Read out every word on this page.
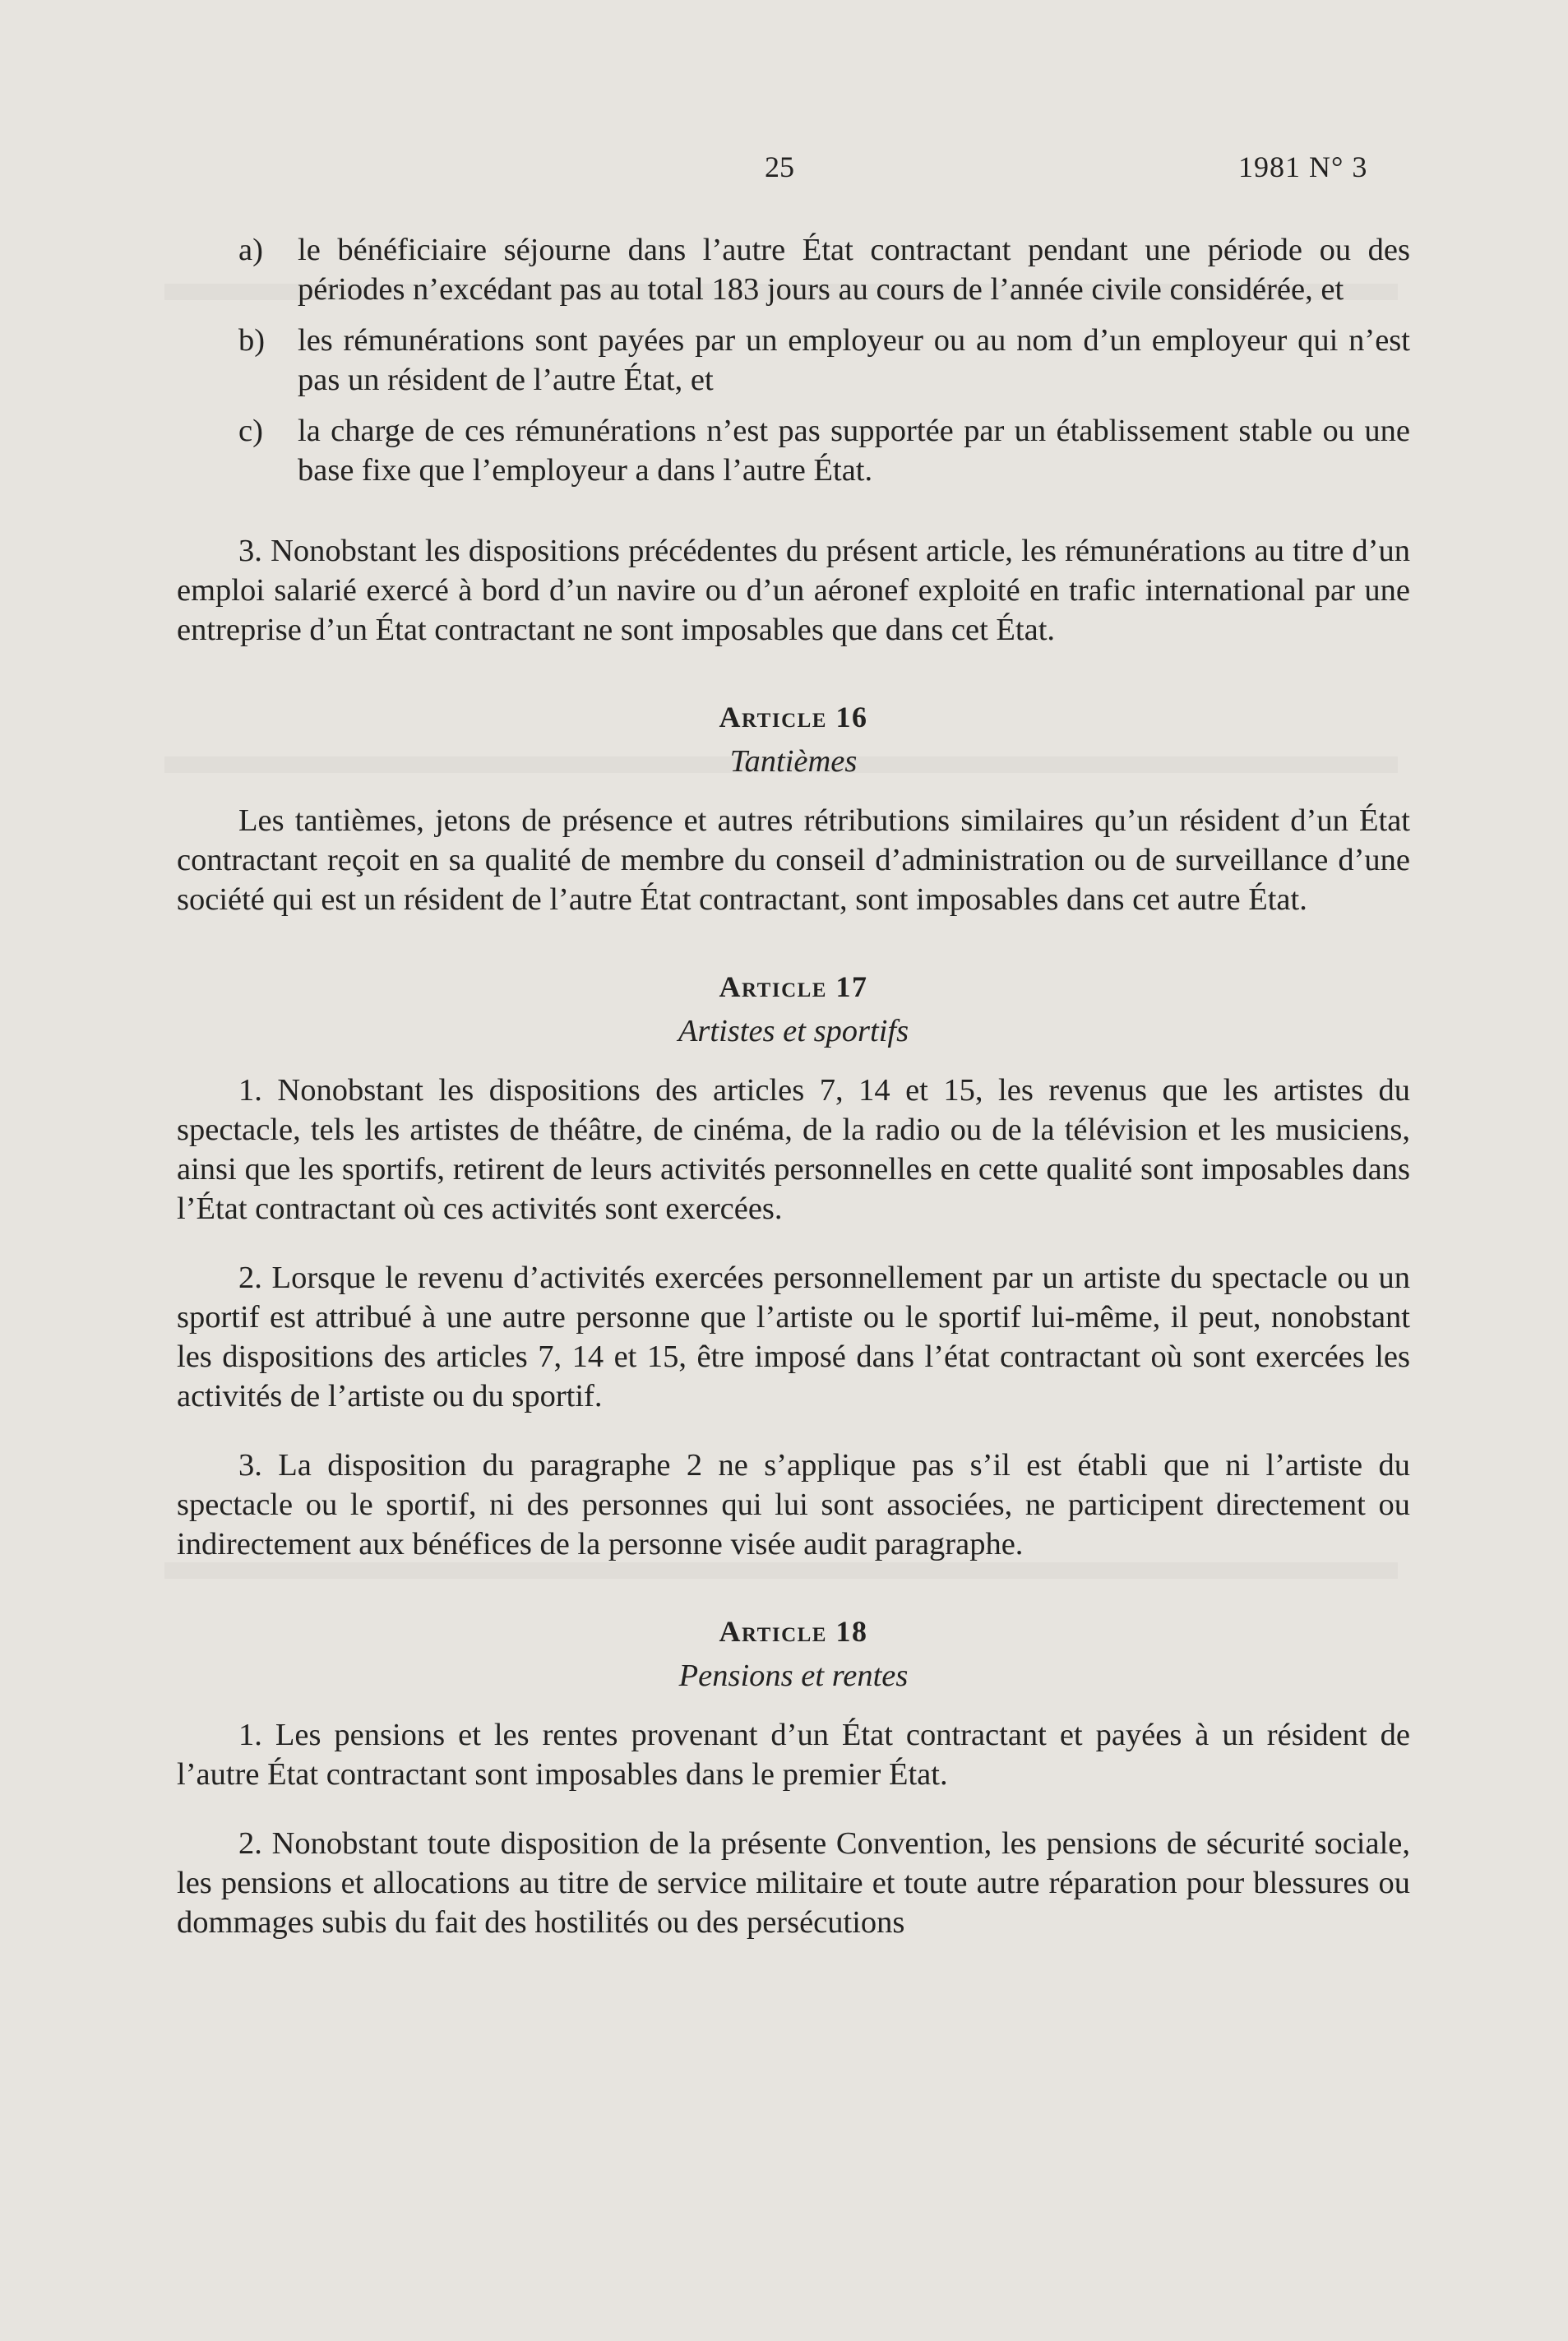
25	1981 N° 3
a)	le bénéficiaire séjourne dans l’autre État contractant pendant une période ou des périodes n’excédant pas au total 183 jours au cours de l’année civile considérée, et
b)	les rémunérations sont payées par un employeur ou au nom d’un employeur qui n’est pas un résident de l’autre État, et
c)	la charge de ces rémunérations n’est pas supportée par un établissement stable ou une base fixe que l’employeur a dans l’autre État.

3. Nonobstant les dispositions précédentes du présent article, les rémunérations au titre d’un emploi salarié exercé à bord d’un navire ou d’un aéronef exploité en trafic international par une entreprise d’un État contractant ne sont imposables que dans cet État.

Article 16
Tantièmes

Les tantièmes, jetons de présence et autres rétributions similaires qu’un résident d’un État contractant reçoit en sa qualité de membre du conseil d’administration ou de surveillance d’une société qui est un résident de l’autre État contractant, sont imposables dans cet autre État.

Article 17
Artistes et sportifs

1. Nonobstant les dispositions des articles 7, 14 et 15, les revenus que les artistes du spectacle, tels les artistes de théâtre, de cinéma, de la radio ou de la télévision et les musiciens, ainsi que les sportifs, retirent de leurs activités personnelles en cette qualité sont imposables dans l’État contractant où ces activités sont exercées.

2. Lorsque le revenu d’activités exercées personnellement par un artiste du spectacle ou un sportif est attribué à une autre personne que l’artiste ou le sportif lui-même, il peut, nonobstant les dispositions des articles 7, 14 et 15, être imposé dans l’état contractant où sont exercées les activités de l’artiste ou du sportif.

3. La disposition du paragraphe 2 ne s’applique pas s’il est établi que ni l’artiste du spectacle ou le sportif, ni des personnes qui lui sont associées, ne participent directement ou indirectement aux bénéfices de la personne visée audit paragraphe.

Article 18
Pensions et rentes

1. Les pensions et les rentes provenant d’un État contractant et payées à un résident de l’autre État contractant sont imposables dans le premier État.

2. Nonobstant toute disposition de la présente Convention, les pensions de sécurité sociale, les pensions et allocations au titre de service militaire et toute autre réparation pour blessures ou dommages subis du fait des hostilités ou des persécutions
